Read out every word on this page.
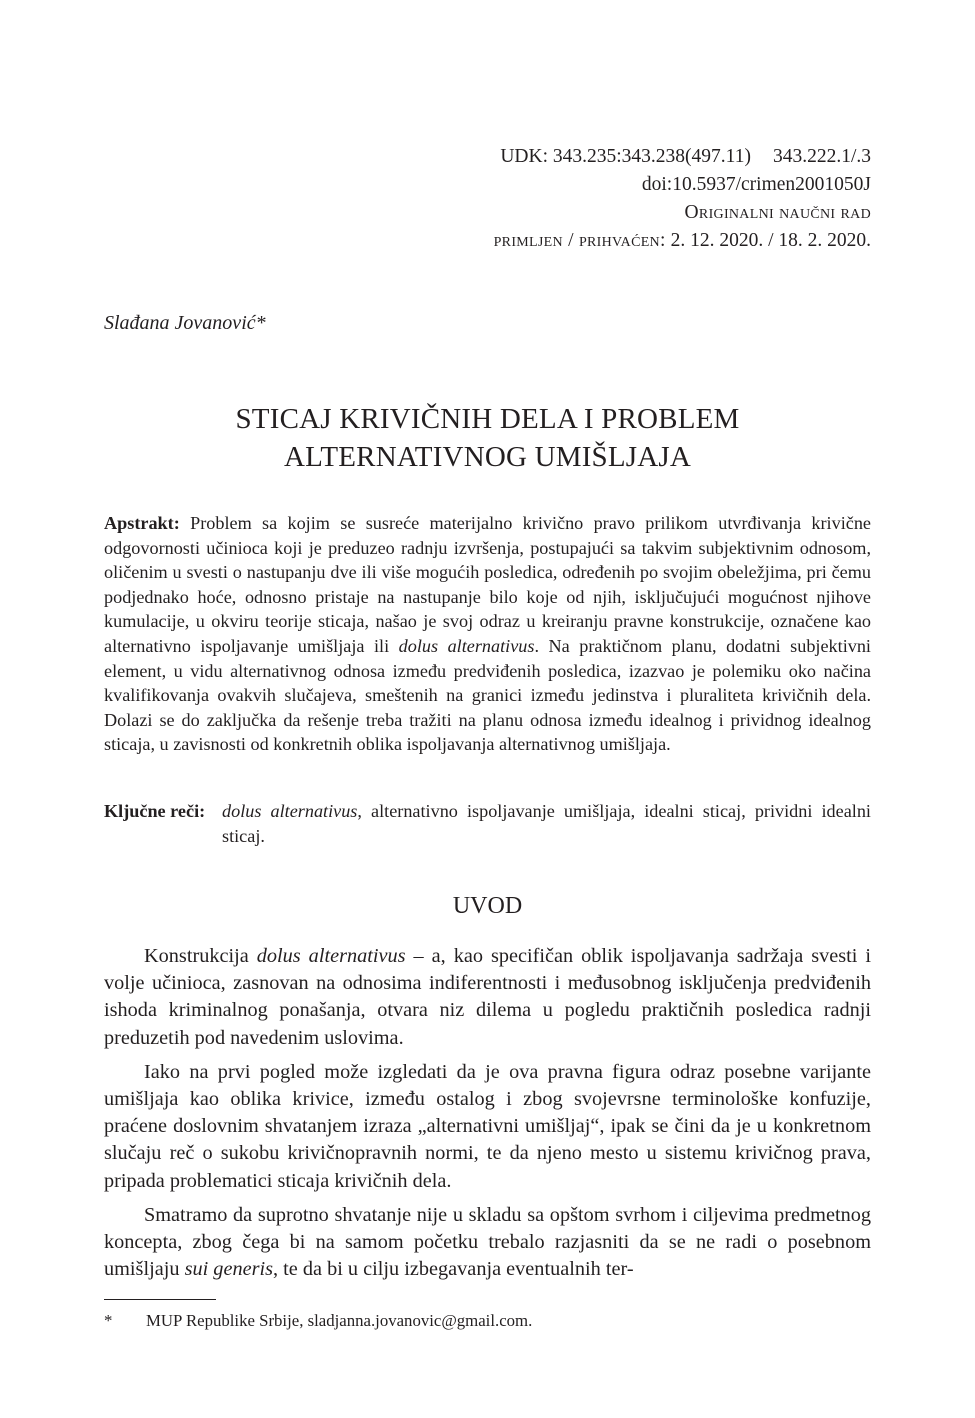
UDK: 343.235:343.238(497.11) 343.222.1/.3
doi:10.5937/crimen2001050J
Originalni naučni rad
primljen / prihvaćen: 2. 12. 2020. / 18. 2. 2020.
Slađana Jovanović*
STICAJ KRIVIČNIH DELA I PROBLEM
ALTERNATIVNOG UMIŠLJAJA
Apstrakt: Problem sa kojim se susreće materijalno krivično pravo prilikom utvrđivanja krivične odgovornosti učinioca koji je preduzeo radnju izvršenja, postupajući sa takvim subjektivnim odnosom, oličenim u svesti o nastupanju dve ili više mogućih posledica, određenih po svojim obeležjima, pri čemu podjednako hoće, odnosno pristaje na nastupanje bilo koje od njih, isključujući mogućnost njihove kumulacije, u okviru teorije sticaja, našao je svoj odraz u kreiranju pravne konstrukcije, označene kao alternativno ispoljavanje umišljaja ili dolus alternativus. Na praktičnom planu, dodatni subjektivni element, u vidu alternativnog odnosa između predviđenih posledica, izazvao je polemiku oko načina kvalifikovanja ovakvih slučajeva, smeštenih na granici između jedinstva i pluraliteta krivičnih dela. Dolazi se do zaključka da rešenje treba tražiti na planu odnosa između idealnog i prividnog idealnog sticaja, u zavisnosti od konkretnih oblika ispoljavanja alternativnog umišljaja.
Ključne reči: dolus alternativus, alternativno ispoljavanje umišljaja, idealni sticaj, prividni idealni sticaj.
UVOD

Konstrukcija dolus alternativus – a, kao specifičan oblik ispoljavanja sadržaja svesti i volje učinioca, zasnovan na odnosima indiferentnosti i međusobnog isključenja predviđenih ishoda kriminalnog ponašanja, otvara niz dilema u pogledu praktičnih posledica radnji preduzetih pod navedenim uslovima.

Iako na prvi pogled može izgledati da je ova pravna figura odraz posebne varijante umišljaja kao oblika krivice, između ostalog i zbog svojevrsne terminološke konfuzije, praćene doslovnim shvatanjem izraza „alternativni umišljaj“, ipak se čini da je u konkretnom slučaju reč o sukobu krivičnopravnih normi, te da njeno mesto u sistemu krivičnog prava, pripada problematici sticaja krivičnih dela.

Smatramo da suprotno shvatanje nije u skladu sa opštom svrhom i ciljevima predmetnog koncepta, zbog čega bi na samom početku trebalo razjasniti da se ne radi o posebnom umišljaju sui generis, te da bi u cilju izbegavanja eventualnih ter-

*	MUP Republike Srbije, sladjanna.jovanovic@gmail.com.
